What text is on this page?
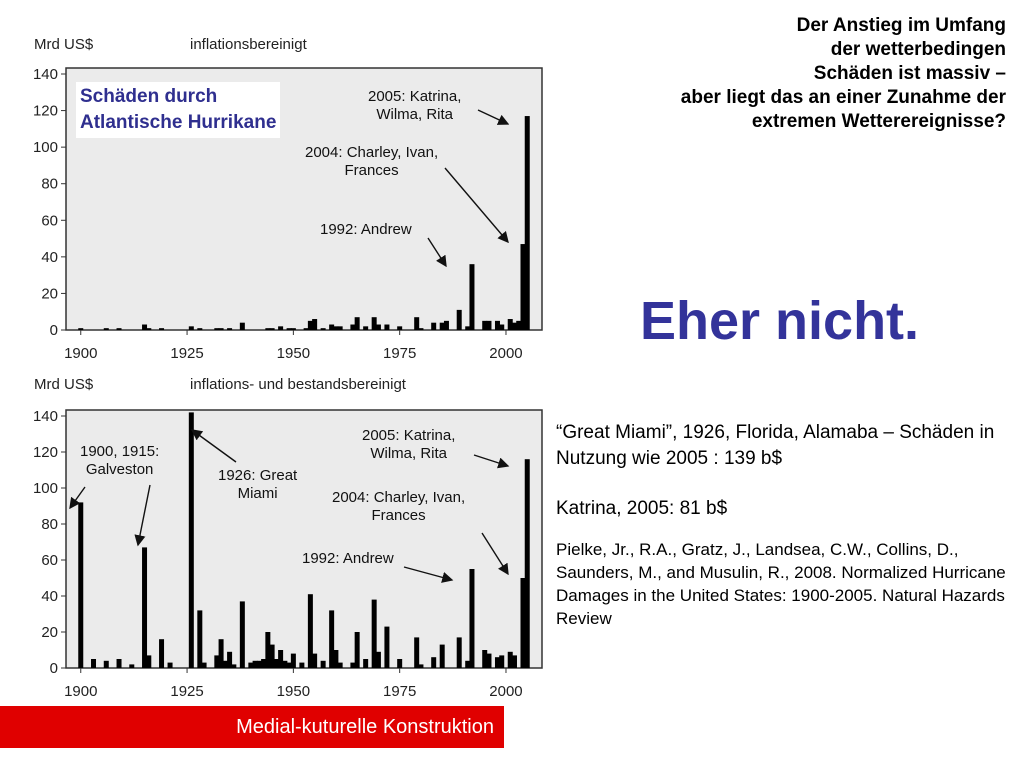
0
20
40
60
80
100
120
140
1900	1925	1950	1975	2000
0
20
40
60
80
100
120
140
1900	1925	1950	1975	2000
Mrd US$	inflationsbereinigt
Mrd US$	inflations- und bestandsbereinigt
Schäden durch
Atlantische Hurrikane
2005: Katrina,
Wilma, Rita
2004: Charley, Ivan,
Frances
1992: Andrew
1900, 1915:
Galveston	1926: Great
Miami
2005: Katrina,
Wilma, Rita
2004: Charley, Ivan,
Frances
1992: Andrew
Der Anstieg im Umfang
der wetterbedingen
Schäden ist massiv –
aber liegt das an einer Zunahme der
extremen Wetterereignisse?
Eher nicht.
“Great Miami”, 1926, Florida, Alamaba – Schäden in Nutzung wie 2005 : 139 b$
Katrina, 2005: 81 b$
Pielke, Jr., R.A., Gratz, J., Landsea, C.W., Collins, D., Saunders, M., and Musulin, R., 2008. Normalized Hurricane Damages in the United States: 1900-2005. Natural Hazards Review
Medial-kuturelle Konstruktion
